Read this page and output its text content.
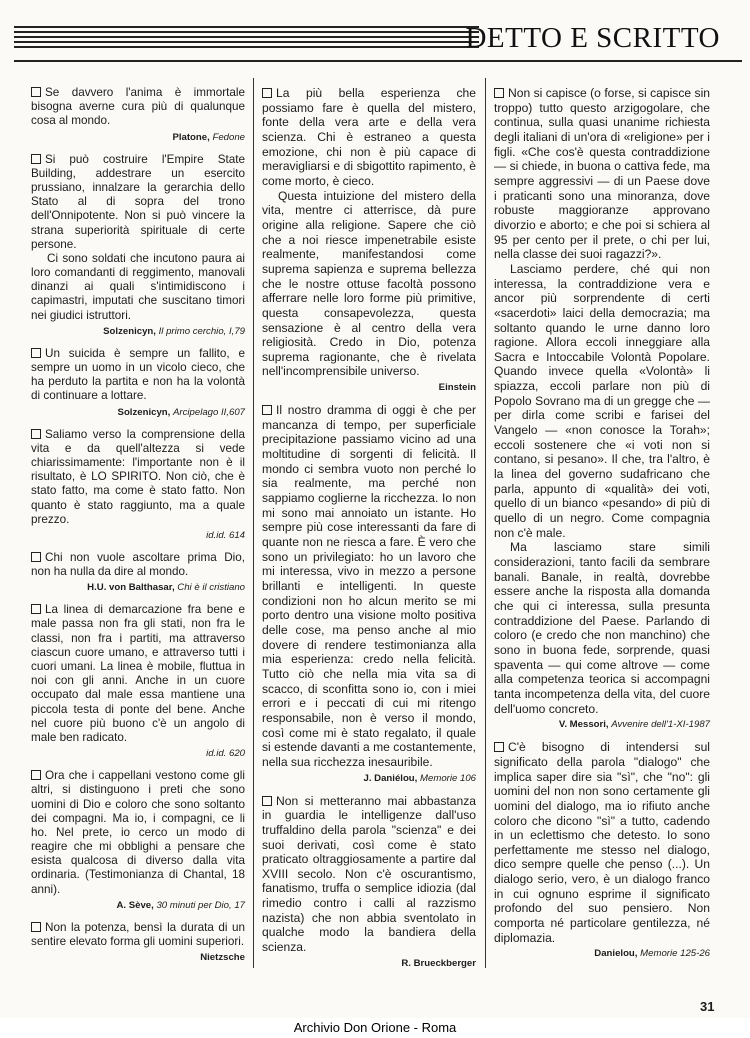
DETTO E SCRITTO

Se davvero l'anima è immortale bisogna averne cura più di qualunque cosa al mondo.

Platone, Fedone

Si può costruire l'Empire State Building, addestrare un esercito prussiano, innalzare la gerarchia dello Stato al di sopra del trono dell'Onnipotente. Non si può vincere la strana superiorità spirituale di certe persone.

Ci sono soldati che incutono paura ai loro comandanti di reggimento, manovali dinanzi ai quali s'intimidiscono i capimastri, imputati che suscitano timori nei giudici istruttori.

Solzenicyn, Il primo cerchio, I,79

Un suicida è sempre un fallito, e sempre un uomo in un vicolo cieco, che ha perduto la partita e non ha la volontà di continuare a lottare.

Solzenicyn, Arcipelago II,607

Saliamo verso la comprensione della vita e da quell'altezza si vede chiarissimamente: l'importante non è il risultato, è LO SPIRITO. Non ciò, che è stato fatto, ma come è stato fatto. Non quanto è stato raggiunto, ma a quale prezzo.

id.id. 614

Chi non vuole ascoltare prima Dio, non ha nulla da dire al mondo.

H.U. von Balthasar, Chi è il cristiano

La linea di demarcazione fra bene e male passa non fra gli stati, non fra le classi, non fra i partiti, ma attraverso ciascun cuore umano, e attraverso tutti i cuori umani. La linea è mobile, fluttua in noi con gli anni. Anche in un cuore occupato dal male essa mantiene una piccola testa di ponte del bene. Anche nel cuore più buono c'è un angolo di male ben radicato.

id.id. 620

Ora che i cappellani vestono come gli altri, si distinguono i preti che sono uomini di Dio e coloro che sono soltanto dei compagni. Ma io, i compagni, ce li ho. Nel prete, io cerco un modo di reagire che mi obblighi a pensare che esista qualcosa di diverso dalla vita ordinaria. (Testimonianza di Chantal, 18 anni).

A. Sève, 30 minuti per Dio, 17

Non la potenza, bensì la durata di un sentire elevato forma gli uomini superiori.

Nietzsche

La più bella esperienza che possiamo fare è quella del mistero, fonte della vera arte e della vera scienza. Chi è estraneo a questa emozione, chi non è più capace di meravigliarsi e di sbigottito rapimento, è come morto, è cieco.

Questa intuizione del mistero della vita, mentre ci atterrisce, dà pure origine alla religione. Sapere che ciò che a noi riesce impenetrabile esiste realmente, manifestandosi come suprema sapienza e suprema bellezza che le nostre ottuse facoltà possono afferrare nelle loro forme più primitive, questa consapevolezza, questa sensazione è al centro della vera religiosità. Credo in Dio, potenza suprema ragionante, che è rivelata nell'incomprensibile universo.

Einstein

Il nostro dramma di oggi è che per mancanza di tempo, per superficiale precipitazione passiamo vicino ad una moltitudine di sorgenti di felicità. Il mondo ci sembra vuoto non perché lo sia realmente, ma perché non sappiamo coglierne la ricchezza. Io non mi sono mai annoiato un istante. Ho sempre più cose interessanti da fare di quante non ne riesca a fare. È vero che sono un privilegiato: ho un lavoro che mi interessa, vivo in mezzo a persone brillanti e intelligenti. In queste condizioni non ho alcun merito se mi porto dentro una visione molto positiva delle cose, ma penso anche al mio dovere di rendere testimonianza alla mia esperienza: credo nella felicità. Tutto ciò che nella mia vita sa di scacco, di sconfitta sono io, con i miei errori e i peccati di cui mi ritengo responsabile, non è verso il mondo, così come mi è stato regalato, il quale si estende davanti a me costantemente, nella sua ricchezza inesauribile.

J. Daniélou, Memorie 106

Non si metteranno mai abbastanza in guardia le intelligenze dall'uso truffaldino della parola "scienza" e dei suoi derivati, così come è stato praticato oltraggiosamente a partire dal XVIII secolo. Non c'è oscurantismo, fanatismo, truffa o semplice idiozia (dal rimedio contro i calli al razzismo nazista) che non abbia sventolato in qualche modo la bandiera della scienza.

R. Brueckberger

Non si capisce (o forse, si capisce sin troppo) tutto questo arzigogolare, che continua, sulla quasi unanime richiesta degli italiani di un'ora di «religione» per i figli. «Che cos'è questa contraddizione — si chiede, in buona o cattiva fede, ma sempre aggressivi — di un Paese dove i praticanti sono una minoranza, dove robuste maggioranze approvano divorzio e aborto; e che poi si schiera al 95 per cento per il prete, o chi per lui, nella classe dei suoi ragazzi?».

Lasciamo perdere, ché qui non interessa, la contraddizione vera e ancor più sorprendente di certi «sacerdoti» laici della democrazia; ma soltanto quando le urne danno loro ragione. Allora eccoli inneggiare alla Sacra e Intoccabile Volontà Popolare. Quando invece quella «Volontà» li spiazza, eccoli parlare non più di Popolo Sovrano ma di un gregge che — per dirla come scribi e farisei del Vangelo — «non conosce la Torah»; eccoli sostenere che «i voti non si contano, si pesano». Il che, tra l'altro, è la linea del governo sudafricano che parla, appunto di «qualità» dei voti, quello di un bianco «pesando» di più di quello di un negro. Come compagnia non c'è male.

Ma lasciamo stare simili considerazioni, tanto facili da sembrare banali. Banale, in realtà, dovrebbe essere anche la risposta alla domanda che qui ci interessa, sulla presunta contraddizione del Paese. Parlando di coloro (e credo che non manchino) che sono in buona fede, sorprende, quasi spaventa — qui come altrove — come alla competenza teorica si accompagni tanta incompetenza della vita, del cuore dell'uomo concreto.

V. Messori, Avvenire dell'1-XI-1987

C'è bisogno di intendersi sul significato della parola "dialogo" che implica saper dire sia "sì", che "no": gli uomini del non non sono certamente gli uomini del dialogo, ma io rifiuto anche coloro che dicono "sì" a tutto, cadendo in un eclettismo che detesto. Io sono perfettamente me stesso nel dialogo, dico sempre quelle che penso (...). Un dialogo serio, vero, è un dialogo franco in cui ognuno esprime il significato profondo del suo pensiero. Non comporta né particolare gentilezza, né diplomazia.

Danielou, Memorie 125-26
31
Archivio Don Orione - Roma
